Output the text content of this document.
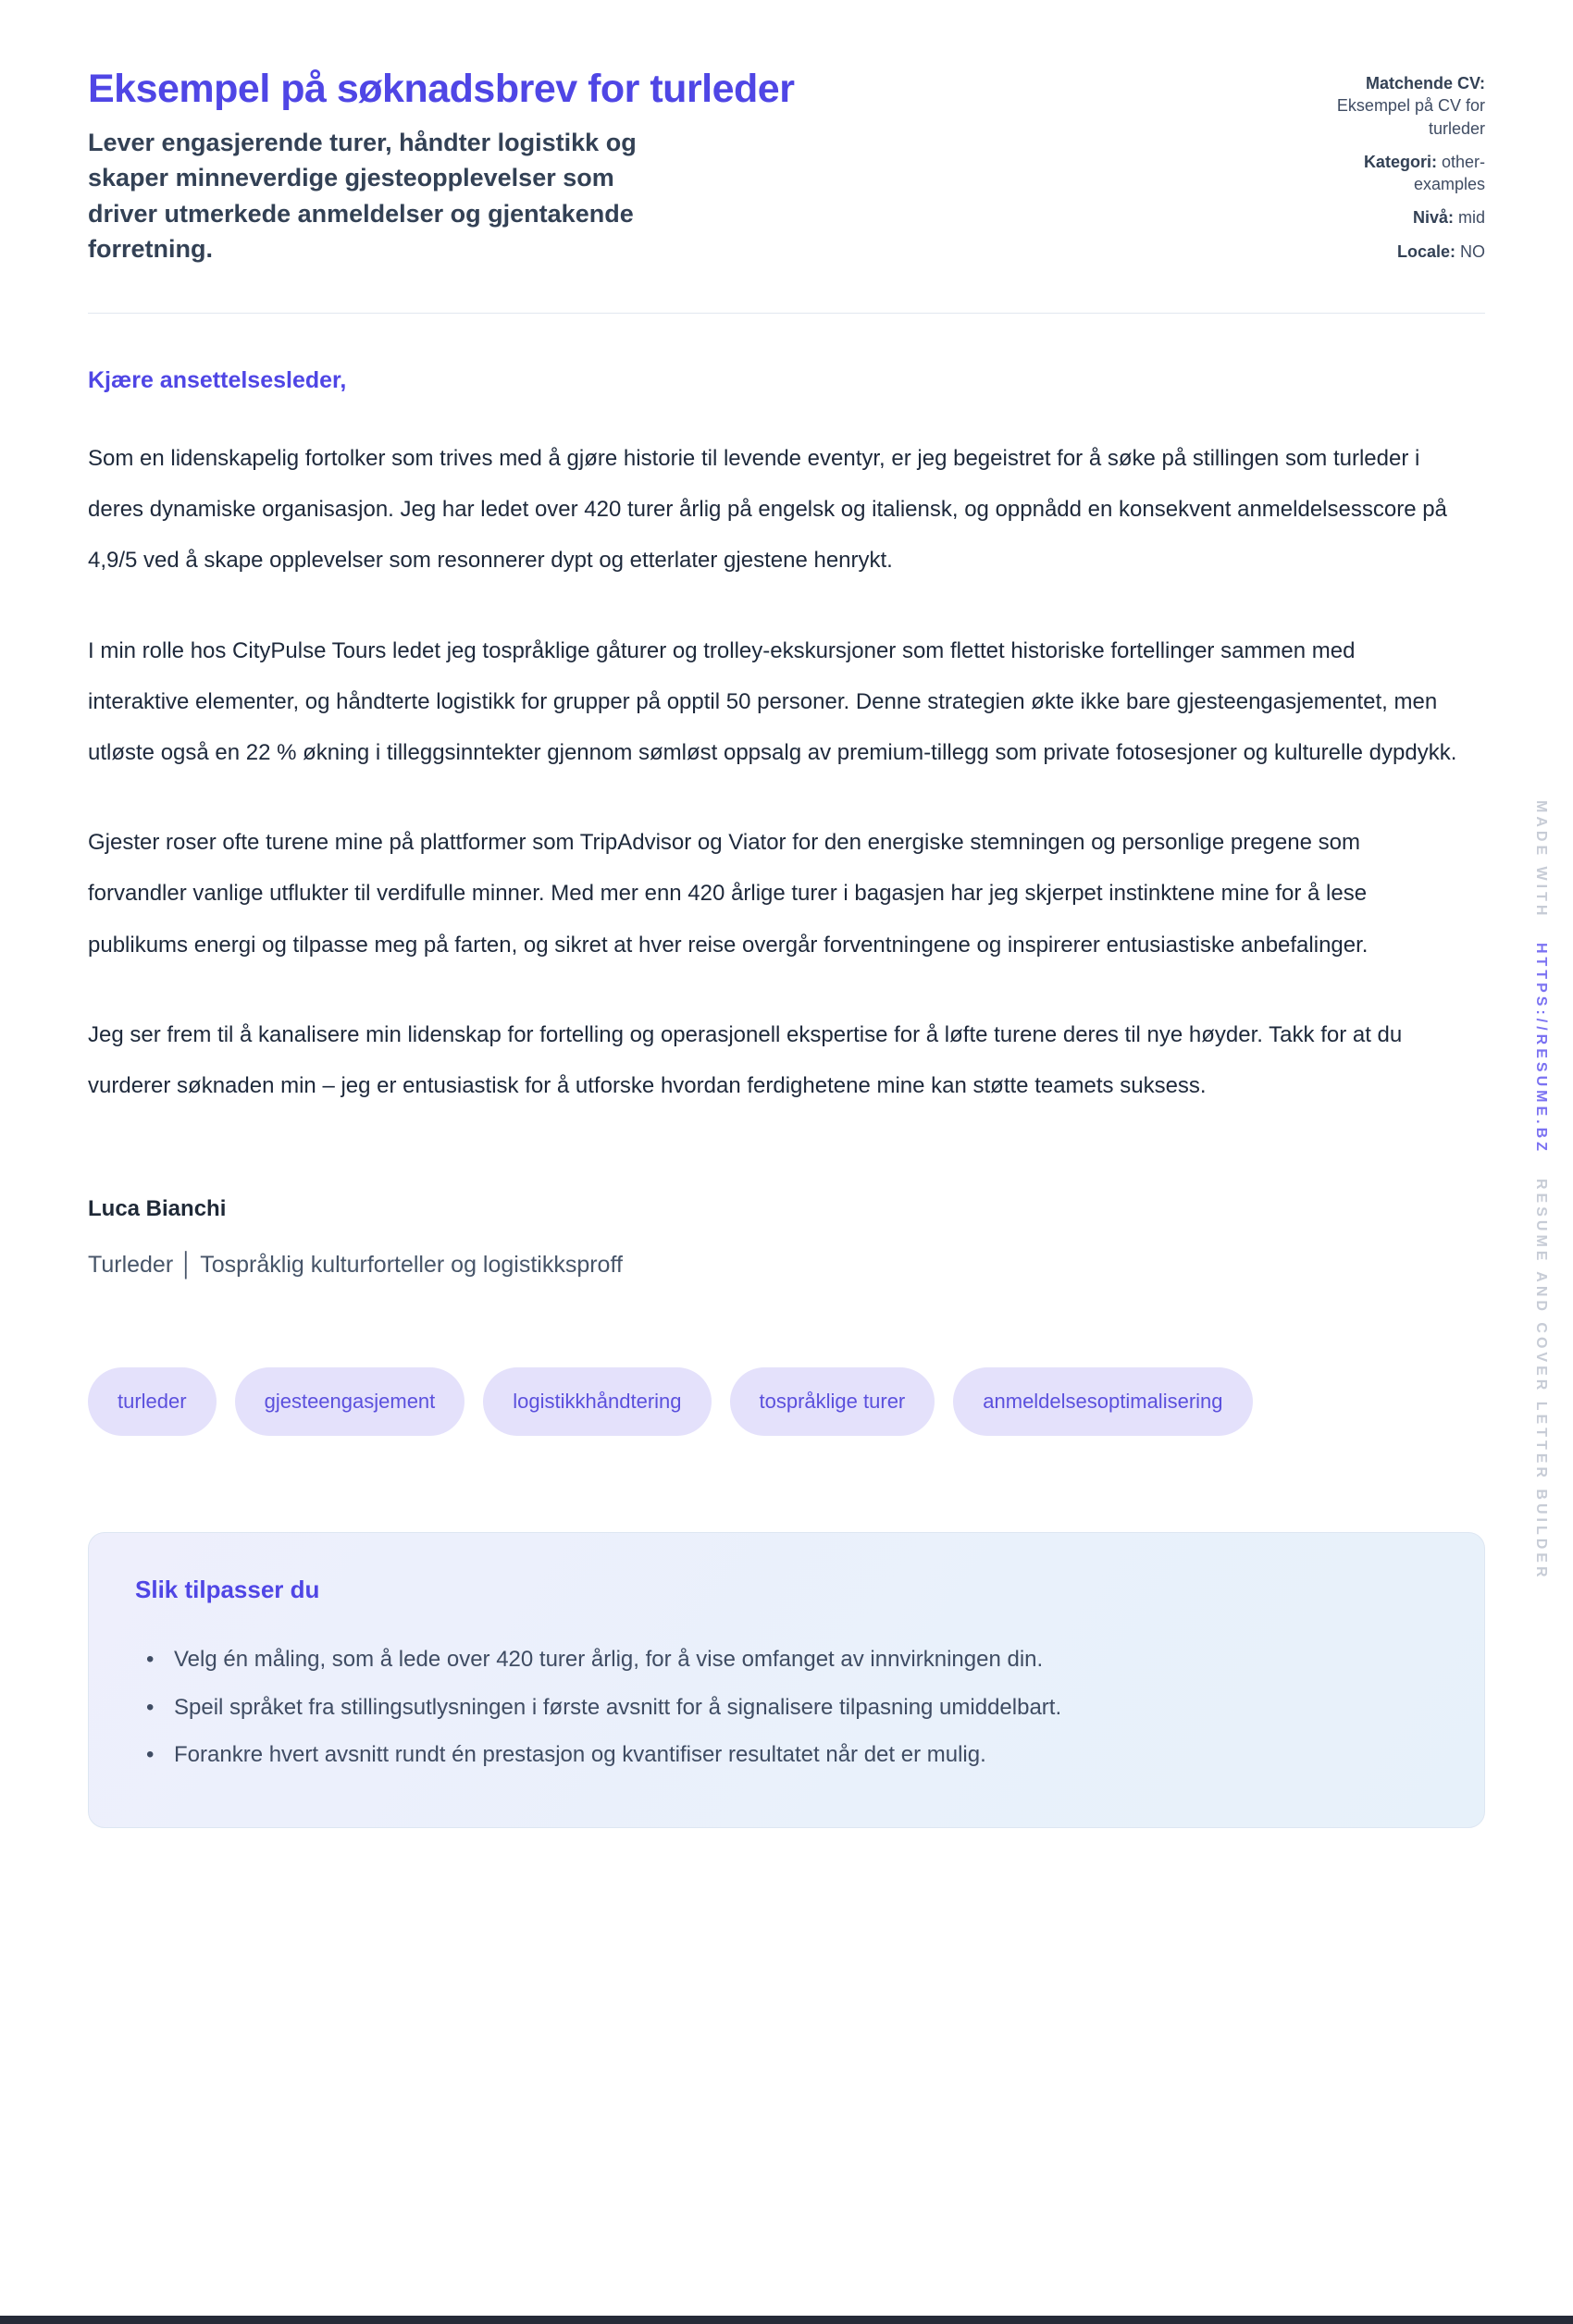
Eksempel på søknadsbrev for turleder
Lever engasjerende turer, håndter logistikk og skaper minneverdige gjesteopplevelser som driver utmerkede anmeldelser og gjentakende forretning.
Matchende CV: Eksempel på CV for turleder
Kategori: other-examples
Nivå: mid
Locale: NO
Kjære ansettelsesleder,

Som en lidenskapelig fortolker som trives med å gjøre historie til levende eventyr, er jeg begeistret for å søke på stillingen som turleder i deres dynamiske organisasjon. Jeg har ledet over 420 turer årlig på engelsk og italiensk, og oppnådd en konsekvent anmeldelsesscore på 4,9/5 ved å skape opplevelser som resonnerer dypt og etterlater gjestene henrykt.

I min rolle hos CityPulse Tours ledet jeg tospråklige gåturer og trolley-ekskursjoner som flettet historiske fortellinger sammen med interaktive elementer, og håndterte logistikk for grupper på opptil 50 personer. Denne strategien økte ikke bare gjesteengasjementet, men utløste også en 22 % økning i tilleggsinntekter gjennom sømløst oppsalg av premium-tillegg som private fotosesjoner og kulturelle dypdykk.

Gjester roser ofte turene mine på plattformer som TripAdvisor og Viator for den energiske stemningen og personlige pregene som forvandler vanlige utflukter til verdifulle minner. Med mer enn 420 årlige turer i bagasjen har jeg skjerpet instinktene mine for å lese publikums energi og tilpasse meg på farten, og sikret at hver reise overgår forventningene og inspirerer entusiastiske anbefalinger.

Jeg ser frem til å kanalisere min lidenskap for fortelling og operasjonell ekspertise for å løfte turene deres til nye høyder. Takk for at du vurderer søknaden min – jeg er entusiastisk for å utforske hvordan ferdighetene mine kan støtte teamets suksess.

Luca Bianchi
Turleder │ Tospråklig kulturforteller og logistikksproff
turleder	gjesteengasjement	logistikkhåndtering	tospråklige turer	anmeldelsesoptimalisering
Slik tilpasser du
• Velg én måling, som å lede over 420 turer årlig, for å vise omfanget av innvirkningen din.
• Speil språket fra stillingsutlysningen i første avsnitt for å signalisere tilpasning umiddelbart.
• Forankre hvert avsnitt rundt én prestasjon og kvantifiser resultatet når det er mulig.
MADE WITH
HTTPS://RESUME.BZ
RESUME AND COVER LETTER BUILDER
